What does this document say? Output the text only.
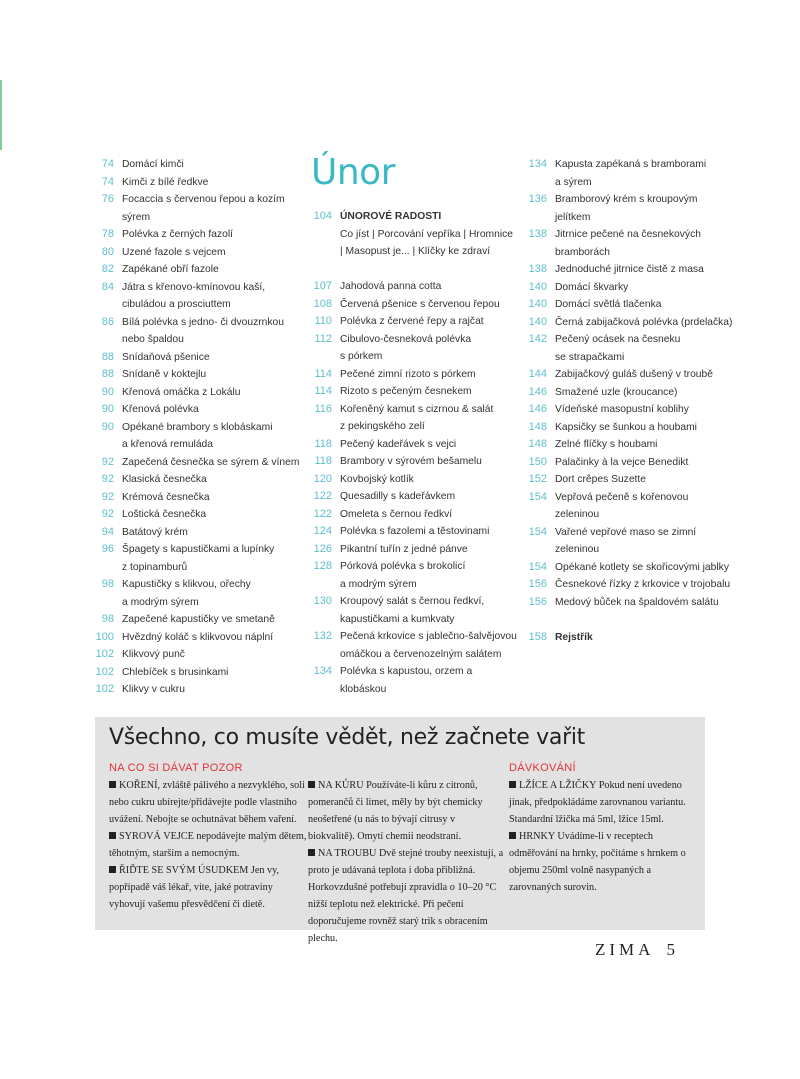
74 Domácí kimči
74 Kimči z bílé ředkve
76 Focaccia s červenou řepou a kozím
sýrem
78 Polévka z černých fazolí
80 Uzené fazole s vejcem
82 Zapékané obří fazole
84 Játra s křenovo-kmínovou kaší,
cibuládou a prosciuttem
86 Bílá polévka s jedno- či dvouzrnkou
nebo špaldou
88 Snídaňová pšenice
88 Snídaně v koktejlu
90 Křenová omáčka z Lokálu
90 Křenová polévka
90 Opékané brambory s klobáskami
a křenová remuláda
92 Zapečená česnečka se sýrem & vínem
92 Klasická česnečka
92 Krémová česnečka
92 Loštická česnečka
94 Batátový krém
96 Špagety s kapustičkami a lupínky
z topinamburů
98 Kapustičky s klikvou, ořechy
a modrým sýrem
98 Zapečené kapustičky ve smetaně
100 Hvězdný koláč s klikvovou náplní
102 Klikvový punč
102 Chlebíček s brusinkami
102 Klikvy v cukru
Únor
104 ÚNOROVÉ RADOSTI
Co jíst | Porcování vepříka | Hromnice
| Masopust je... | Klíčky ke zdraví
107 Jahodová panna cotta
108 Červená pšenice s červenou řepou
110 Polévka z červené řepy a rajčat
112 Cibulovo-česneková polévka
s pórkem
114 Pečené zimní rizoto s pórkem
114 Rizoto s pečeným česnekem
116 Kořeněný kamut s cizrnou & salát
z pekingského zelí
118 Pečený kadeřávek s vejci
118 Brambory v sýrovém bešamelu
120 Kovbojský kotlík
122 Quesadilly s kadeřávkem
122 Omeleta s černou ředkví
124 Polévka s fazolemi a těstovinami
126 Pikantní tuřín z jedné pánve
128 Pórková polévka s brokolicí
a modrým sýrem
130 Kroupový salát s černou ředkví,
kapustičkami a kumkvaty
132 Pečená krkovice s jablečno-šalvějovou
omáčkou a červenozelným salátem
134 Polévka s kapustou, orzem a klobáskou
134 Kapusta zapékaná s bramborami
a sýrem
136 Bramborový krém s kroupovým
jelítkem
138 Jitrnice pečené na česnekových
bramborách
138 Jednoduché jitrnice čistě z masa
140 Domácí škvarky
140 Domácí světlá tlačenka
140 Černá zabijačková polévka (prdelačka)
142 Pečený ocásek na česneku
se strapačkami
144 Zabijačkový guláš dušený v troubě
146 Smažené uzle (kroucance)
146 Vídeňské masopustní koblihy
148 Kapsičky se šunkou a houbami
148 Zelné flíčky s houbami
150 Palačinky à la vejce Benedikt
152 Dort crêpes Suzette
154 Vepřová pečeně s kořenovou
zeleninou
154 Vařené vepřové maso se zimní
zeleninou
154 Opékané kotlety se skořicovými jablky
156 Česnekové řízky z krkovice v trojobalu
156 Medový bůček na špaldovém salátu
158 Rejstřík
Všechno, co musíte vědět, než začnete vařit
NA CO SI DÁVAT POZOR

KOŘENÍ, zvláště pálivého a nezvyklého, soli nebo cukru ubírejte/přidávejte podle vlastního uvážení. Nebojte se ochutnávat během vaření.

SYROVÁ VEJCE nepodávejte malým dětem, těhotným, starším a nemocným.

ŘIĎTE SE SVÝM ÚSUDKEM Jen vy, popřípadě váš lékař, víte, jaké potraviny vyhovují vašemu přesvědčení či dietě.

NA KŮRU Používáte-li kůru z citronů, pomerančů či limet, měly by být chemicky neošetřené (u nás to bývají citrusy v biokvalitě). Omytí chemii neodstraní.

NA TROUBU Dvě stejné trouby neexistují, a proto je udávaná teplota i doba přibližná. Horkovzdušné potřebují zpravidla o 10–20 °C nižší teplotu než elektrické. Při pečení doporučujeme rovněž starý trik s obracením plechu.

DÁVKOVÁNÍ

LŽÍCE A LŽIČKY Pokud není uvedeno jinak, předpokládáme zarovnanou variantu. Standardní lžička má 5ml, lžíce 15ml.

HRNKY Uvádíme-li v receptech odměřování na hrnky, počítáme s hrnkem o objemu 250ml volně nasypaných a zarovnaných surovin.

ZIMA 5
